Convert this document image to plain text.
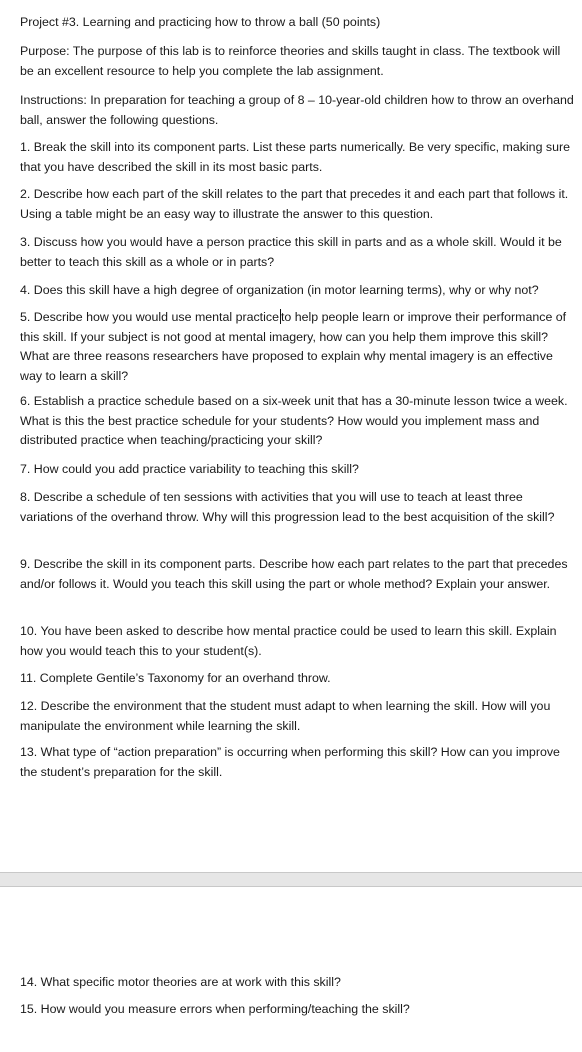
Project #3. Learning and practicing how to throw a ball (50 points)

Purpose: The purpose of this lab is to reinforce theories and skills taught in class. The textbook will be an excellent resource to help you complete the lab assignment.

Instructions: In preparation for teaching a group of 8 – 10-year-old children how to throw an overhand ball, answer the following questions.

1. Break the skill into its component parts. List these parts numerically. Be very specific, making sure that you have described the skill in its most basic parts.

2. Describe how each part of the skill relates to the part that precedes it and each part that follows it. Using a table might be an easy way to illustrate the answer to this question.

3. Discuss how you would have a person practice this skill in parts and as a whole skill. Would it be better to teach this skill as a whole or in parts?

4. Does this skill have a high degree of organization (in motor learning terms), why or why not?

5. Describe how you would use mental practice to help people learn or improve their performance of this skill. If your subject is not good at mental imagery, how can you help them improve this skill? What are three reasons researchers have proposed to explain why mental imagery is an effective way to learn a skill?

6. Establish a practice schedule based on a six-week unit that has a 30-minute lesson twice a week. What is this the best practice schedule for your students? How would you implement mass and distributed practice when teaching/practicing your skill?

7. How could you add practice variability to teaching this skill?

8. Describe a schedule of ten sessions with activities that you will use to teach at least three variations of the overhand throw. Why will this progression lead to the best acquisition of the skill?

9. Describe the skill in its component parts. Describe how each part relates to the part that precedes and/or follows it. Would you teach this skill using the part or whole method? Explain your answer.

10. You have been asked to describe how mental practice could be used to learn this skill. Explain how you would teach this to your student(s).

11. Complete Gentile’s Taxonomy for an overhand throw.

12. Describe the environment that the student must adapt to when learning the skill. How will you manipulate the environment while learning the skill.

13. What type of “action preparation” is occurring when performing this skill? How can you improve the student’s preparation for the skill.

14. What specific motor theories are at work with this skill?

15. How would you measure errors when performing/teaching the skill?
